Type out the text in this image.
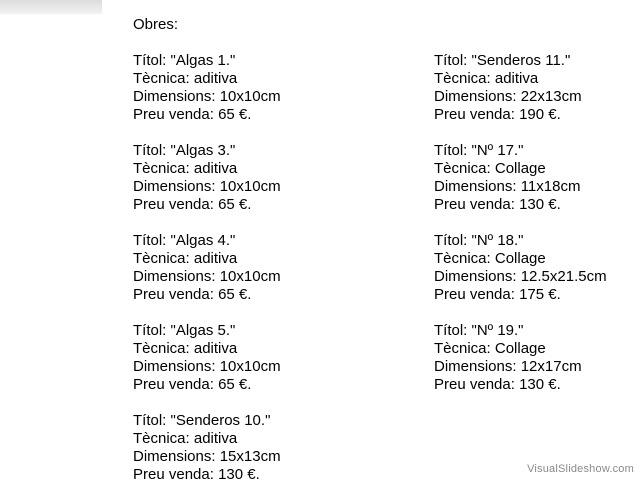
Obres:
Títol: "Algas 1."
Tècnica: aditiva
Dimensions: 10x10cm
Preu venda: 65 €.
Títol: "Algas 3."
Tècnica: aditiva
Dimensions: 10x10cm
Preu venda: 65 €.
Títol: "Algas 4."
Tècnica: aditiva
Dimensions: 10x10cm
Preu venda: 65 €.
Títol: "Algas 5."
Tècnica: aditiva
Dimensions: 10x10cm
Preu venda: 65 €.
Títol: "Senderos 10."
Tècnica: aditiva
Dimensions: 15x13cm
Preu venda: 130 €.
Títol: "Senderos 11."
Tècnica: aditiva
Dimensions: 22x13cm
Preu venda: 190 €.
Títol: "Nº 17."
Tècnica: Collage
Dimensions: 11x18cm
Preu venda: 130 €.
Títol: "Nº 18."
Tècnica: Collage
Dimensions: 12.5x21.5cm
Preu venda: 175 €.
Títol: "Nº 19."
Tècnica: Collage
Dimensions: 12x17cm
Preu venda: 130 €.
VisualSlideshow.com
